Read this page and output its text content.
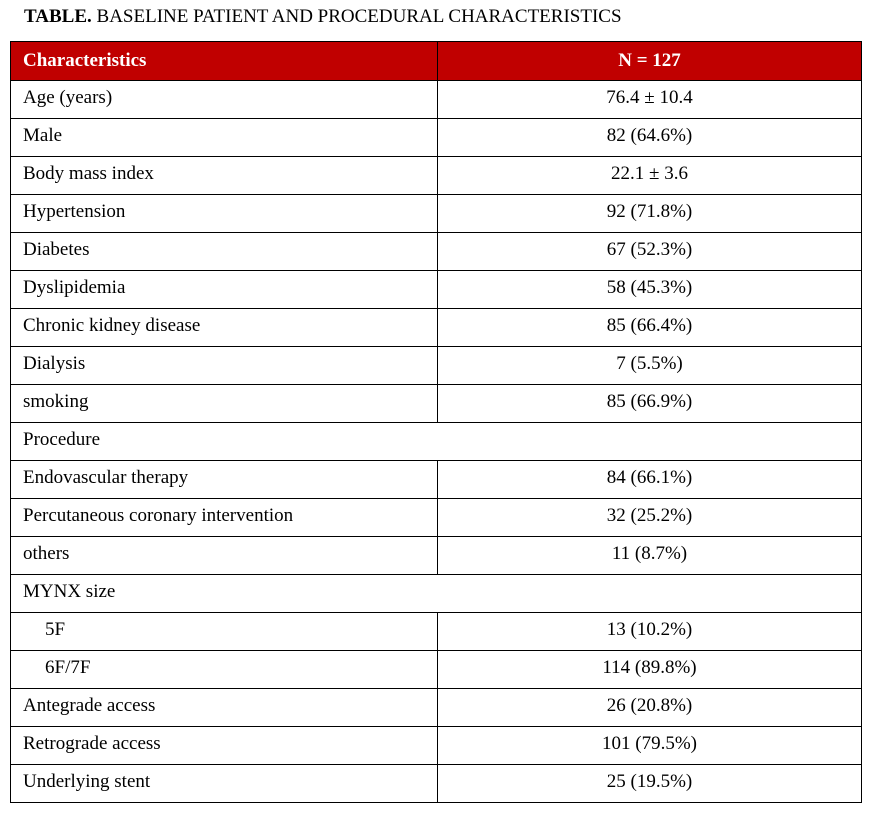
TABLE. BASELINE PATIENT AND PROCEDURAL CHARACTERISTICS
Characteristics	N = 127
Age (years)	76.4 ± 10.4
Male	82 (64.6%)
Body mass index	22.1 ± 3.6
Hypertension	92 (71.8%)
Diabetes	67 (52.3%)
Dyslipidemia	58 (45.3%)
Chronic kidney disease	85 (66.4%)
Dialysis	7 (5.5%)
smoking	85 (66.9%)
Procedure	
Endovascular therapy	84 (66.1%)
Percutaneous coronary intervention	32 (25.2%)
others	11 (8.7%)
MYNX size	
5F	13 (10.2%)
6F/7F	114 (89.8%)
Antegrade access	26 (20.8%)
Retrograde access	101 (79.5%)
Underlying stent	25 (19.5%)
